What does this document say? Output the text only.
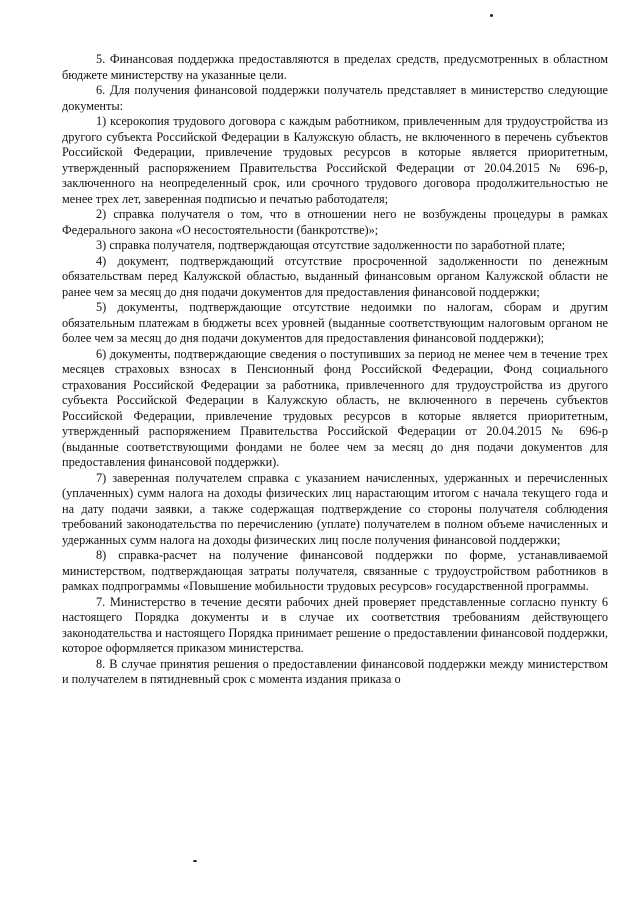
5. Финансовая поддержка предоставляются в пределах средств, предусмотренных в областном бюджете министерству на указанные цели.

6. Для получения финансовой поддержки получатель представляет в министерство следующие документы:

1) ксерокопия трудового договора с каждым работником, привлеченным для трудоустройства из другого субъекта Российской Федерации в Калужскую область, не включенного в перечень субъектов Российской Федерации, привлечение трудовых ресурсов в которые является приоритетным, утвержденный распоряжением Правительства Российской Федерации от 20.04.2015 № 696-р, заключенного на неопределенный срок, или срочного трудового договора продолжительностью не менее трех лет, заверенная подписью и печатью работодателя;

2) справка получателя о том, что в отношении него не возбуждены процедуры в рамках Федерального закона «О несостоятельности (банкротстве)»;

3) справка получателя, подтверждающая отсутствие задолженности по заработной плате;

4) документ, подтверждающий отсутствие просроченной задолженности по денежным обязательствам перед Калужской областью, выданный финансовым органом Калужской области не ранее чем за месяц до дня подачи документов для предоставления финансовой поддержки;

5) документы, подтверждающие отсутствие недоимки по налогам, сборам и другим обязательным платежам в бюджеты всех уровней (выданные соответствующим налоговым органом не более чем за месяц до дня подачи документов для предоставления финансовой поддержки);

6) документы, подтверждающие сведения о поступивших за период не менее чем в течение трех месяцев страховых взносах в Пенсионный фонд Российской Федерации, Фонд социального страхования Российской Федерации за работника, привлеченного для трудоустройства из другого субъекта Российской Федерации в Калужскую область, не включенного в перечень субъектов Российской Федерации, привлечение трудовых ресурсов в которые является приоритетным, утвержденный распоряжением Правительства Российской Федерации от 20.04.2015 № 696-р (выданные соответствующими фондами не более чем за месяц до дня подачи документов для предоставления финансовой поддержки).

7) заверенная получателем справка с указанием начисленных, удержанных и перечисленных (уплаченных) сумм налога на доходы физических лиц нарастающим итогом с начала текущего года и на дату подачи заявки, а также содержащая подтверждение со стороны получателя соблюдения требований законодательства по перечислению (уплате) получателем в полном объеме начисленных и удержанных сумм налога на доходы физических лиц после получения финансовой поддержки;

8) справка-расчет на получение финансовой поддержки по форме, устанавливаемой министерством, подтверждающая затраты получателя, связанные с трудоустройством работников в рамках подпрограммы «Повышение мобильности трудовых ресурсов» государственной программы.

7. Министерство в течение десяти рабочих дней проверяет представленные согласно пункту 6 настоящего Порядка документы и в случае их соответствия требованиям действующего законодательства и настоящего Порядка принимает решение о предоставлении финансовой поддержки, которое оформляется приказом министерства.

8. В случае принятия решения о предоставлении финансовой поддержки между министерством и получателем в пятидневный срок с момента издания приказа о
